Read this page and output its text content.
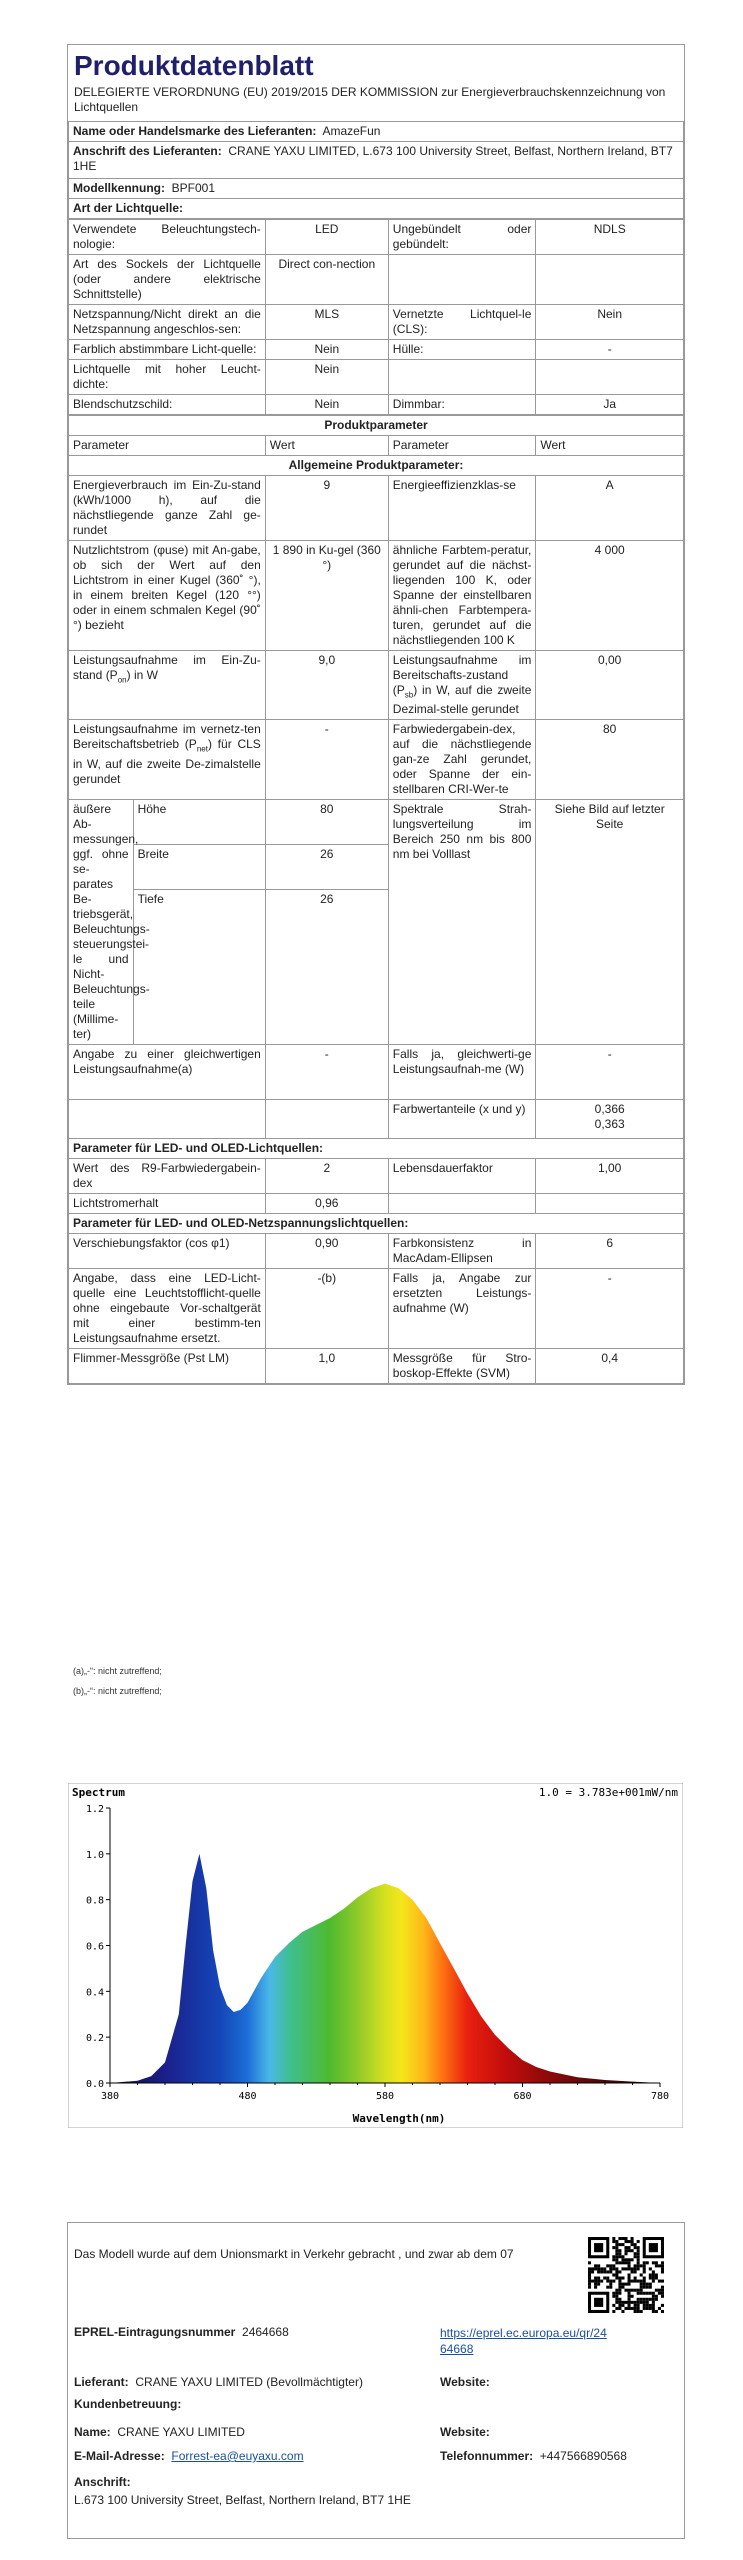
Produktdatenblatt
DELEGIERTE VERORDNUNG (EU) 2019/2015 DER KOMMISSION zur Energieverbrauchskennzeichnung von Lichtquellen
Name oder Handelsmarke des Lieferanten: AmazeFun
Anschrift des Lieferanten: CRANE YAXU LIMITED, L.673 100 University Street, Belfast, Northern Ireland, BT7 1HE
Modellkennung: BPF001
Art der Lichtquelle:
Verwendete Beleuchtungstech-nologie:	LED	Ungebündelt oder gebündelt:	NDLS
Art des Sockels der Lichtquelle (oder andere elektrische Schnittstelle)	Direct con-nection		
Netzspannung/Nicht direkt an die Netzspannung angeschlos-sen:	MLS	Vernetzte Lichtquel-le (CLS):	Nein
Farblich abstimmbare Licht-quelle:	Nein	Hülle:	-
Lichtquelle mit hoher Leucht-dichte:	Nein		
Blendschutzschild:	Nein	Dimmbar:	Ja
Produktparameter				
Parameter		Wert	Parameter	Wert
Allgemeine Produktparameter:				
Energieverbrauch im Ein-Zu-stand (kWh/1000 h), auf die nächstliegende ganze Zahl ge-rundet		9	Energieeffizienzklas-se	A
Nutzlichtstrom (φuse) mit An-gabe, ob sich der Wert auf den Lichtstrom in einer Kugel (360˚ °), in einem breiten Kegel (120 °°) oder in einem schmalen Kegel (90˚ °) bezieht		1 890 in Ku-gel (360 °)	ähnliche Farbtem-peratur, gerundet auf die nächst-liegenden 100 K, oder Spanne der einstellbaren ähnli-chen Farbtempera-turen, gerundet auf die nächstliegenden 100 K	4 000
Leistungsaufnahme im Ein-Zu-stand $(P_{on})$ in W		9,0	Leistungsaufnahme im Bereitschafts-zustand $(P_{sb})$ in W, auf die zweite Dezimal-stelle gerundet	0,00
Leistungsaufnahme im vernetz-ten Bereitschaftsbetrieb $(P_{net})$ für CLS in W, auf die zweite De-zimalstelle gerundet		-	Farbwiedergabein-dex, auf die nächstliegende gan-ze Zahl gerundet, oder Spanne der ein-stellbaren CRI-Wer-te	80
äußere Ab-messungen, ggf. ohne se-parates Be-triebsgerät, Beleuchtungs-steuerungstei-le und Nicht-Beleuchtungs-teile (Millime-ter)	Höhe	80	Spektrale Strah-lungsverteilung im Bereich 250 nm bis 800 nm bei Volllast	Siehe Bild auf letzter Seite
	Breite	26		
	Tiefe	26		
Angabe zu einer gleichwertigen Leistungsaufnahme(a)		-	Falls ja, gleichwerti-ge Leistungsaufnah-me (W)	-
			Farbwertanteile (x und y)	0,366
0,363

Parameter für LED- und OLED-Lichtquellen:				
Wert des R9-Farbwiedergabein-dex		2	Lebensdauerfaktor	1,00
Lichtstromerhalt		0,96		
Parameter für LED- und OLED-Netzspannungslichtquellen:				
Verschiebungsfaktor (cos φ1)		0,90	Farbkonsistenz in MacAdam-Ellipsen	6
Angabe, dass eine LED-Licht-quelle eine Leuchtstofflicht-quelle ohne eingebaute Vor-schaltgerät mit einer bestimm-ten Leistungsaufnahme ersetzt.		-(b)	Falls ja, Angabe zur ersetzten Leistungs-aufnahme (W)	-
Flimmer-Messgröße (Pst LM)		1,0	Messgröße für Stro-boskop-Effekte (SVM)	0,4
(a)„-“: nicht zutreffend;
(b)„-“: nicht zutreffend;
Spectrum	1.0 = 3.783e+001mW/nm
0.0
0.2
0.4
0.6
0.8
1.0
1.2
380	480	580	680	780
Wavelength(nm)
Das Modell wurde auf dem Unionsmarkt in Verkehr gebracht , und zwar ab dem 07
EPREL-Eintragungsnummer 2464668	https://eprel.ec.europa.eu/qr/24
64668
Lieferant: CRANE YAXU LIMITED (Bevollmächtigter)	Website:
Kundenbetreuung:
Name: CRANE YAXU LIMITED	Website:
E-Mail-Adresse: Forrest-ea@euyaxu.com	Telefonnummer: +447566890568
Anschrift:
L.673 100 University Street, Belfast, Northern Ireland, BT7 1HE
